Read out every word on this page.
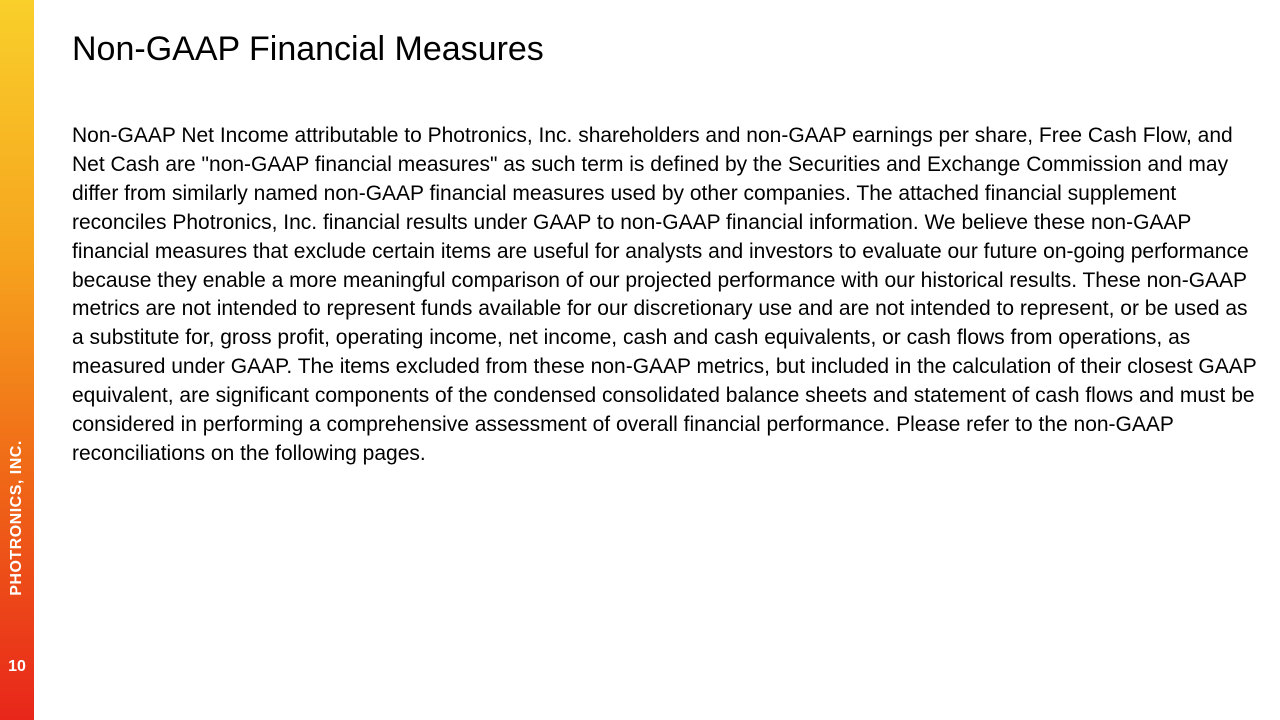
PHOTRONICS, INC.
10
Non-GAAP Financial Measures

Non-GAAP Net Income attributable to Photronics, Inc. shareholders and non-GAAP earnings per share, Free Cash Flow, and Net Cash are "non-GAAP financial measures" as such term is defined by the Securities and Exchange Commission and may differ from similarly named non-GAAP financial measures used by other companies. The attached financial supplement reconciles Photronics, Inc. financial results under GAAP to non-GAAP financial information. We believe these non-GAAP financial measures that exclude certain items are useful for analysts and investors to evaluate our future on-going performance because they enable a more meaningful comparison of our projected performance with our historical results. These non-GAAP metrics are not intended to represent funds available for our discretionary use and are not intended to represent, or be used as a substitute for, gross profit, operating income, net income, cash and cash equivalents, or cash flows from operations, as measured under GAAP. The items excluded from these non-GAAP metrics, but included in the calculation of their closest GAAP equivalent, are significant components of the condensed consolidated balance sheets and statement of cash flows and must be considered in performing a comprehensive assessment of overall financial performance. Please refer to the non-GAAP reconciliations on the following pages.
